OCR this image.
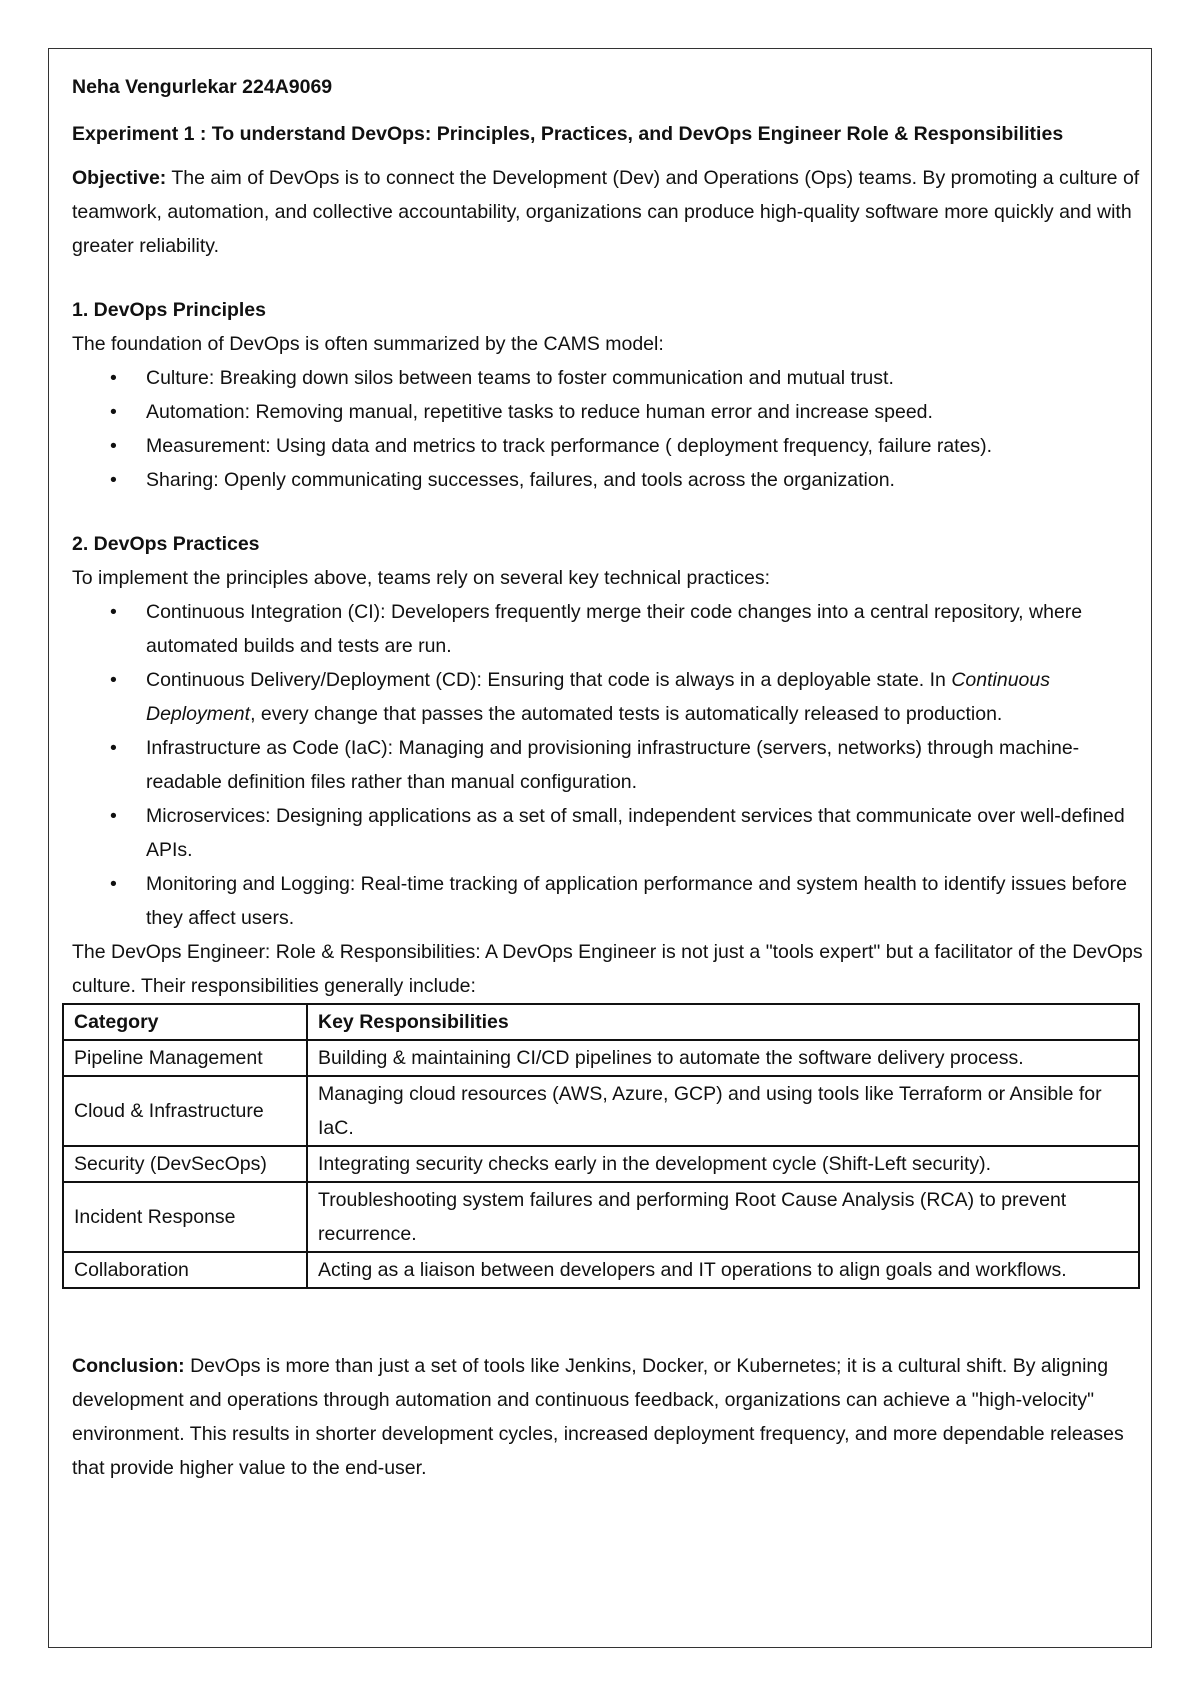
Neha Vengurlekar 224A9069

Experiment 1 : To understand DevOps: Principles, Practices, and DevOps Engineer Role & Responsibilities

Objective: The aim of DevOps is to connect the Development (Dev) and Operations (Ops) teams. By promoting a culture of teamwork, automation, and collective accountability, organizations can produce high-quality software more quickly and with greater reliability.

1. DevOps Principles

The foundation of DevOps is often summarized by the CAMS model:

•	Culture: Breaking down silos between teams to foster communication and mutual trust.
•	Automation: Removing manual, repetitive tasks to reduce human error and increase speed.
•	Measurement: Using data and metrics to track performance ( deployment frequency, failure rates).
•	Sharing: Openly communicating successes, failures, and tools across the organization.

2. DevOps Practices

To implement the principles above, teams rely on several key technical practices:

•	Continuous Integration (CI): Developers frequently merge their code changes into a central repository, where automated builds and tests are run.
•	Continuous Delivery/Deployment (CD): Ensuring that code is always in a deployable state. In Continuous Deployment, every change that passes the automated tests is automatically released to production.
•	Infrastructure as Code (IaC): Managing and provisioning infrastructure (servers, networks) through machine-readable definition files rather than manual configuration.
•	Microservices: Designing applications as a set of small, independent services that communicate over well-defined APIs.
•	Monitoring and Logging: Real-time tracking of application performance and system health to identify issues before they affect users.

The DevOps Engineer: Role & Responsibilities: A DevOps Engineer is not just a "tools expert" but a facilitator of the DevOps culture. Their responsibilities generally include:

Category	Key Responsibilities
Pipeline Management	Building & maintaining CI/CD pipelines to automate the software delivery process.
Cloud & Infrastructure	Managing cloud resources (AWS, Azure, GCP) and using tools like Terraform or Ansible for IaC.
Security (DevSecOps)	Integrating security checks early in the development cycle (Shift-Left security).
Incident Response	Troubleshooting system failures and performing Root Cause Analysis (RCA) to prevent recurrence.
Collaboration	Acting as a liaison between developers and IT operations to align goals and workflows.

Conclusion: DevOps is more than just a set of tools like Jenkins, Docker, or Kubernetes; it is a cultural shift. By aligning development and operations through automation and continuous feedback, organizations can achieve a "high-velocity" environment. This results in shorter development cycles, increased deployment frequency, and more dependable releases that provide higher value to the end-user.
